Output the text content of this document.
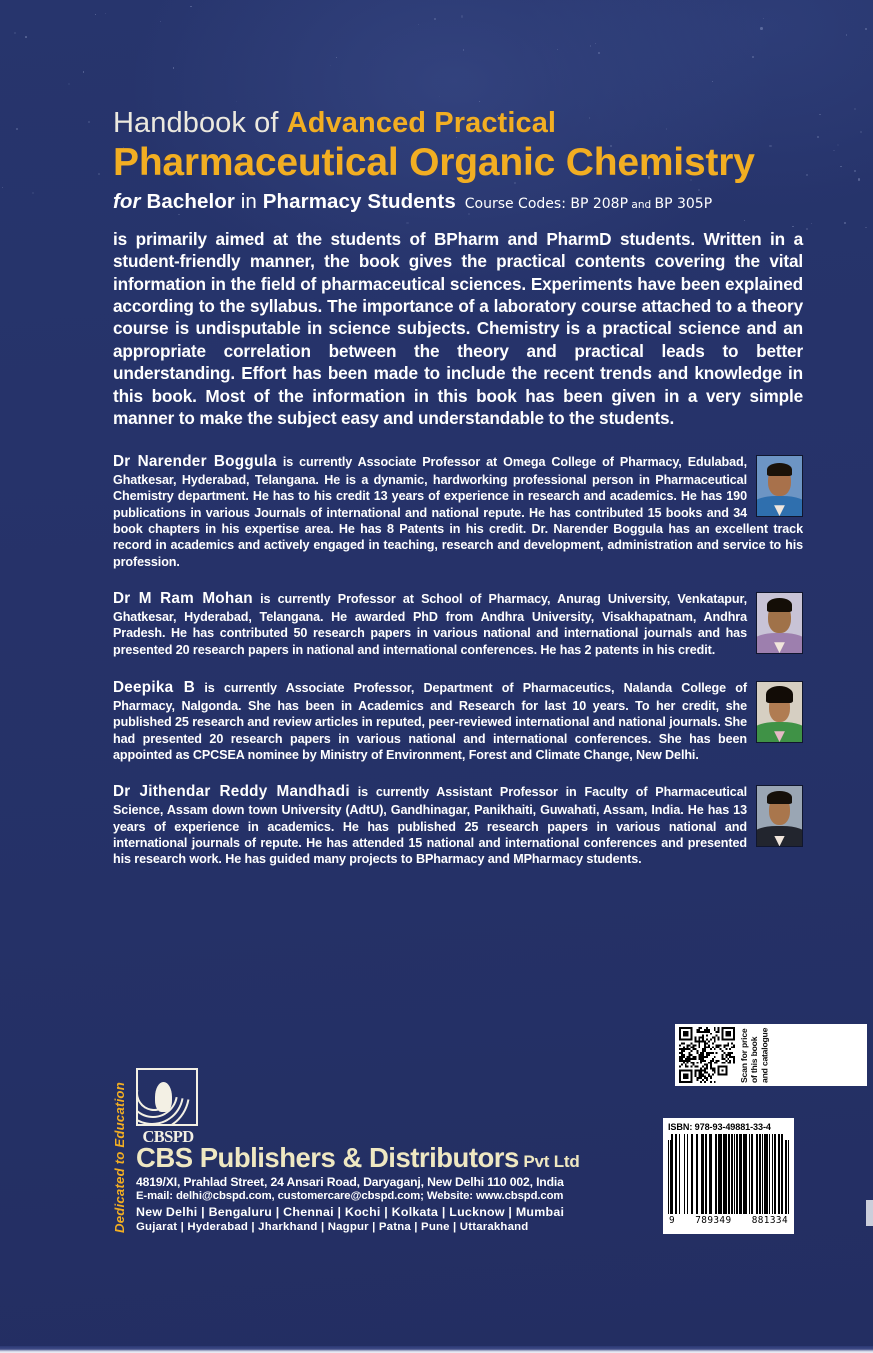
Handbook of Advanced Practical
Pharmaceutical Organic Chemistry
for Bachelor in Pharmacy Students Course Codes: BP 208P and BP 305P
is primarily aimed at the students of BPharm and PharmD students. Written in a student-friendly manner, the book gives the practical contents covering the vital information in the field of pharmaceutical sciences. Experiments have been explained according to the syllabus. The importance of a laboratory course attached to a theory course is undisputable in science subjects. Chemistry is a practical science and an appropriate correlation between the theory and practical leads to better understanding. Effort has been made to include the recent trends and knowledge in this book. Most of the information in this book has been given in a very simple manner to make the subject easy and understandable to the students.
Dr Narender Boggula is currently Associate Professor at Omega College of Pharmacy, Edulabad, Ghatkesar, Hyderabad, Telangana. He is a dynamic, hardworking professional person in Pharmaceutical Chemistry department. He has to his credit 13 years of experience in research and academics. He has 190 publications in various Journals of international and national repute. He has contributed 15 books and 34 book chapters in his expertise area. He has 8 Patents in his credit. Dr. Narender Boggula has an excellent track record in academics and actively engaged in teaching, research and development, administration and service to his profession.
Dr M Ram Mohan is currently Professor at School of Pharmacy, Anurag University, Venkatapur, Ghatkesar, Hyderabad, Telangana. He awarded PhD from Andhra University, Visakhapatnam, Andhra Pradesh. He has contributed 50 research papers in various national and international journals and has presented 20 research papers in national and international conferences. He has 2 patents in his credit.
Deepika B is currently Associate Professor, Department of Pharmaceutics, Nalanda College of Pharmacy, Nalgonda. She has been in Academics and Research for last 10 years. To her credit, she published 25 research and review articles in reputed, peer-reviewed international and national journals. She had presented 20 research papers in various national and international conferences. She has been appointed as CPCSEA nominee by Ministry of Environment, Forest and Climate Change, New Delhi.
Dr Jithendar Reddy Mandhadi is currently Assistant Professor in Faculty of Pharmaceutical Science, Assam down town University (AdtU), Gandhinagar, Panikhaiti, Guwahati, Assam, India. He has 13 years of experience in academics. He has published 25 research papers in various national and international journals of repute. He has attended 15 national and international conferences and presented his research work. He has guided many projects to BPharmacy and MPharmacy students.
Scan for price of this book and catalogue
ISBN: 978-93-49881-33-4
9 789349 881334
Dedicated to Education CBSPD
CBS Publishers & Distributors Pvt Ltd
4819/XI, Prahlad Street, 24 Ansari Road, Daryaganj, New Delhi 110 002, India
E-mail: delhi@cbspd.com, customercare@cbspd.com; Website: www.cbspd.com
New Delhi | Bengaluru | Chennai | Kochi | Kolkata | Lucknow | Mumbai
Gujarat | Hyderabad | Jharkhand | Nagpur | Patna | Pune | Uttarakhand
